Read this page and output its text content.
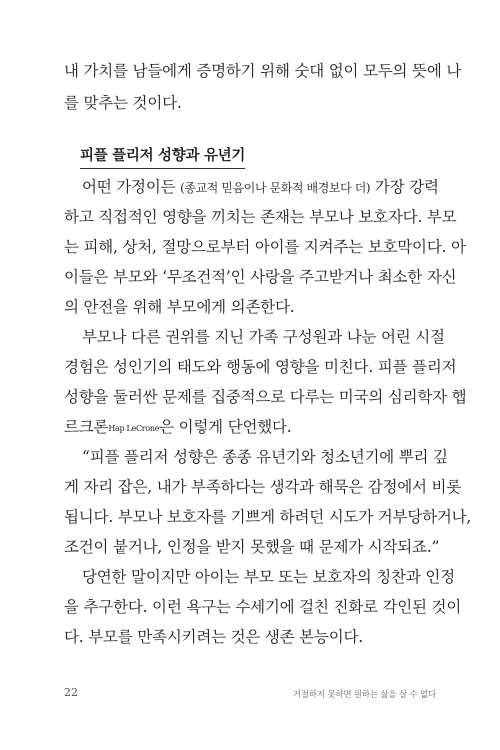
내 가치를 남들에게 증명하기 위해 숫대 없이 모두의 뜻에 나
를 맞추는 것이다.
피플 플리저 성향과 유년기
어떤 가정이든 (종교적 믿음이나 문화적 배경보다 더) 가장 강력
하고 직접적인 영향을 끼치는 존재는 부모나 보호자다. 부모
는 피해, 상처, 절망으로부터 아이를 지켜주는 보호막이다. 아
이들은 부모와 ‘무조건적’인 사랑을 주고받거나 최소한 자신
의 안전을 위해 부모에게 의존한다.
부모나 다른 권위를 지닌 가족 구성원과 나눈 어린 시절
경험은 성인기의 태도와 행동에 영향을 미친다. 피플 플리저
성향을 둘러싼 문제를 집중적으로 다루는 미국의 심리학자 햅
르크론Hap LeCrone은 이렇게 단언했다.
“피플 플리저 성향은 종종 유년기와 청소년기에 뿌리 깊
게 자리 잡은, 내가 부족하다는 생각과 해묵은 감정에서 비롯
됩니다. 부모나 보호자를 기쁘게 하려던 시도가 거부당하거나,
조건이 붙거나, 인정을 받지 못했을 때 문제가 시작되죠.”
당연한 말이지만 아이는 부모 또는 보호자의 칭찬과 인정
을 추구한다. 이런 욕구는 수세기에 걸친 진화로 각인된 것이
다. 부모를 만족시키려는 것은 생존 본능이다.
22	거절하지 못하면 원하는 삶을 살 수 없다
